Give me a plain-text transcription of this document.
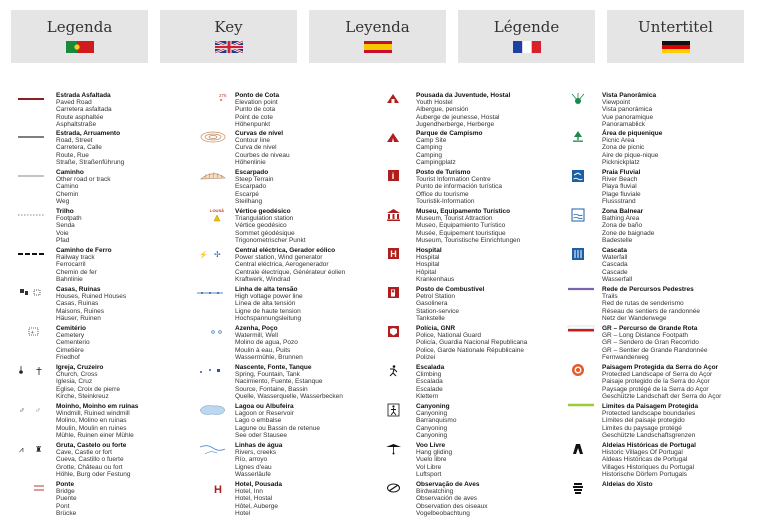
Legenda	Key	Leyenda	Légende	Untertitel
Estrada Asfaltada
Paved Road
Carretera asfaltada
Route asphaltée
Asphaltstraße
Estrada, Arruamento
Road, Street
Carretera, Calle
Route, Rue
Straße, Straßenführung
Caminho
Other road or track
Camino
Chemin
Weg
Trilho
Footpath
Senda
Voie
Pfad
Caminho de Ferro
Railway track
Ferrocarril
Chemin de fer
Bahnlinie
Casas, Ruínas
Houses, Ruined Houses
Casas, Ruinas
Maisons, Ruines
Häuser, Ruinen
+
Cemitério
Cemetery
Cementerio
Cimetière
Friedhof
Igreja, Cruzeiro
Church, Cross
Iglesia, Cruz
Eglise, Croix de pierre
Kirche, Steinkreuz
♂ ♂ Moinho, Moinho em ruínas
Windmill, Ruined windmill
Molino, Molino en ruinas
Moulin, Moulin en ruines
Mühle, Ruinen einer Mühle
⩘ ♜ Gruta, Castelo ou forte
Cave, Castle or fort
Cueva, Castillo o fuerte
Grotte, Château ou fort
Höhle, Burg oder Festung
Ponte
Bridge
Puente
Pont
Brücke
276 Ponto de Cota
Elevation point
Punto de cota
Point de cote
Höhenpunkt
Curvas de nível
Contour line
Curva de nivel
Courbes de niveau
Höhenlinie
Escarpado
Steep Terrain
Escarpado
Escarpé
Steilhang
LOUSÃ Vértice geodésico
Triangulation station
Vértice geodésico
Sommet géodésique
Trigonometrischer Punkt
⚡ ✢ Central eléctrica, Gerador eólico
Power station, Wind generator
Central eléctrica, Aerogenerador
Centrale électrique, Générateur éolien
Kraftwerk, Windrad
Linha de alta tensão
High voltage power line
Línea de alta tensión
Ligne de haute tension
Hochspannungsleitung
Azenha, Poço
Watermill, Well
Molino de agua, Pozo
Moulin à eau, Puits
Wassermühle, Brunnen
Nascente, Fonte, Tanque
Spring, Fountain, Tank
Nacimiento, Fuente, Estanque
Source, Fontaine, Bassin
Quelle, Wasserquelle, Wasserbecken
Lagoa ou Albufeira
Lagoon or Reservoir
Lago o embalse
Lagune ou Bassin de retenue
See oder Stausee
Linhas de água
Rivers, creeks
Río, arroyo
Lignes d'eau
Wasserläufe
H Hotel, Pousada
Hotel, Inn
Hotel, Hostal
Hôtel, Auberge
Hotel
Pousada da Juventude, Hostal
Youth Hostel
Albergue, pensión
Auberge de jeunesse, Hostal
Jugendherberge, Herberge
Parque de Campismo
Camp Site
Camping
Camping
Campingplatz
i	Posto de Turismo
Tourist Information Centre
Punto de información turística
Office du tourisme
Touristik-Information
Museu, Equipamento Turístico
Museum, Tourist Attraction
Museo, Equipamiento Turístico
Musée, Equipement touristique
Museum, Touristische Einrichtungen
H	Hospital
Hospital
Hospital
Hôpital
Krankenhaus
Posto de Combustível
Petrol Station
Gasolinera
Station-service
Tankstelle
Polícia, GNR
Police, National Guard
Policía, Guardia Nacional Republicana
Police, Garde Nationale Républicaine
Polizei
Escalada
Climbing
Escalada
Escalade
Klettern
Canyoning
Canyoning
Barranquismo
Canyoning
Canyoning
Voo Livre
Hang gliding
Vuelo libre
Vol Libre
Luftsport
Observação de Aves
Birdwatching
Observación de aves
Observation des oiseaux
Vogelbeobachtung
Vista Panorâmica
Viewpoint
Vista panorámica
Vue panoramique
Panoramablick
Área de piquenique
Picnic Area
Zona de picnic
Aire de pique-nique
Picknickplatz
Praia Fluvial
River Beach
Playa fluvial
Plage fluviale
Flussstrand
Zona Balnear
Bathing Area
Zona de baño
Zone de baignade
Badestelle
Cascata
Waterfall
Cascada
Cascade
Wasserfall
Rede de Percursos Pedestres
Trails
Red de rutas de senderismo
Réseau de sentiers de randonnée
Netz der Wanderwege
GR – Percurso de Grande Rota
GR – Long Distance Footpath
GR – Sendero de Gran Recorrido
GR – Sentier de Grande Randonnée
Fernwanderweg
Paisagem Protegida da Serra do Açor
Protected Landscape of Serra do Açor
Paisaje protegido de la Serra do Açor
Paysage protégé de la Serra do Açor
Geschützte Landschaft der Serra do Açor
Limites da Paisagem Protegida
Protected landscape boundaries
Límites del paisaje protegido
Limites du paysage protégé
Geschützte Landschaftsgrenzen
Aldeias Históricas de Portugal
Historic Villages Of Portugal
Aldeas Históricas de Portugal
Villages Historiques du Portugal
Historische Dörfern Portugals
Aldeias do Xisto
